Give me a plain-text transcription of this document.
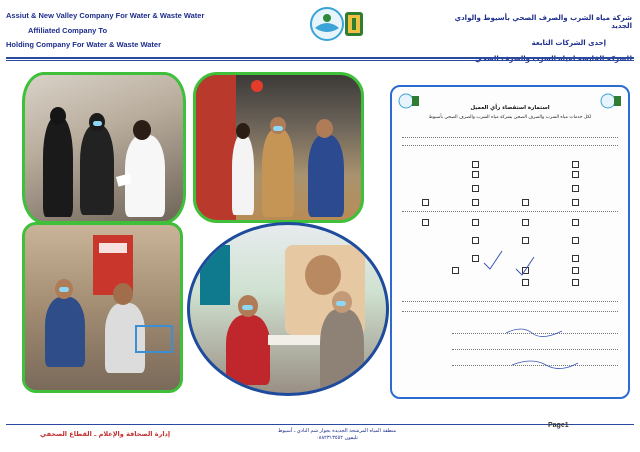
Assiut & New Valley Company For Water & Waste Water
Affiliated Company To
Holding Company For Water & Waste Water
شركة مياه الشرب والصرف الصحي بأسيوط والوادي الجديد
إحدى الشركات التابعة
استمارة استقصاء رأي العميل
لكل خدمات مياه الشرب والصرف الصحي بشركة مياه الشرب والصرف الصحي بأسيوط
إدارة الصحافة والإعلام ـ القطاع الصحفي	منطقة المياه المرشحة الجديدة بجوار شم النادي ـ أسيوط
تليفون ٠٨٨٢٣١٣٥٥٢
Page1
